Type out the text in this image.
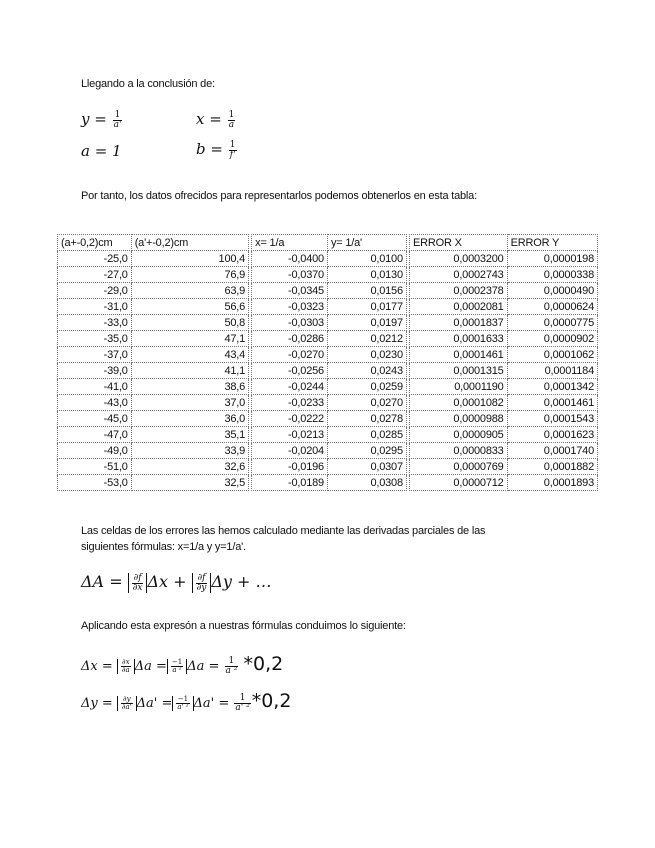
Llegando a la conclusión de:
$y = \frac{1}{a'}$	$x = \frac{1}{a}$
a = 1	$b = \frac{1}{f'}$
Por tanto, los datos ofrecidos para representarlos podemos obtenerlos en esta tabla:
(a+-0,2)cm	(a'+-0,2)cm		x= 1/a	y= 1/a'		ERROR X	ERROR Y
-25,0	100,4		-0,0400	0,0100		0,0003200	0,0000198
-27,0	76,9		-0,0370	0,0130		0,0002743	0,0000338
-29,0	63,9		-0,0345	0,0156		0,0002378	0,0000490
-31,0	56,6		-0,0323	0,0177		0,0002081	0,0000624
-33,0	50,8		-0,0303	0,0197		0,0001837	0,0000775
-35,0	47,1		-0,0286	0,0212		0,0001633	0,0000902
-37,0	43,4		-0,0270	0,0230		0,0001461	0,0001062
-39,0	41,1		-0,0256	0,0243		0,0001315	0,0001184
-41,0	38,6		-0,0244	0,0259		0,0001190	0,0001342
-43,0	37,0		-0,0233	0,0270		0,0001082	0,0001461
-45,0	36,0		-0,0222	0,0278		0,0000988	0,0001543
-47,0	35,1		-0,0213	0,0285		0,0000905	0,0001623
-49,0	33,9		-0,0204	0,0295		0,0000833	0,0001740
-51,0	32,6		-0,0196	0,0307		0,0000769	0,0001882
-53,0	32,5		-0,0189	0,0308		0,0000712	0,0001893
Las celdas de los errores las hemos calculado mediante las derivadas parciales de las
siguientes fórmulas: x=1/a y y=1/a'.
$\Delta A = \frac{\partial f}{\partial x}$ $\Delta x + \frac{\partial f}{\partial y}$ Δy + …
Aplicando esta expresón a nuestras fórmulas conduimos lo siguiente:
$\Delta x = \frac{\partial x}{\partial a}$ $\Delta a = \frac{-1}{\text{a ²}}$ $\Delta a = \frac{1}{\text{a ²}} *0,2$
$\Delta y = \frac{\partial y}{\partial a'} \Delta a' = \frac{-1}{\text{a' ²}} \Delta a' = \frac{1}{\text{a' ²}} *0,2$
